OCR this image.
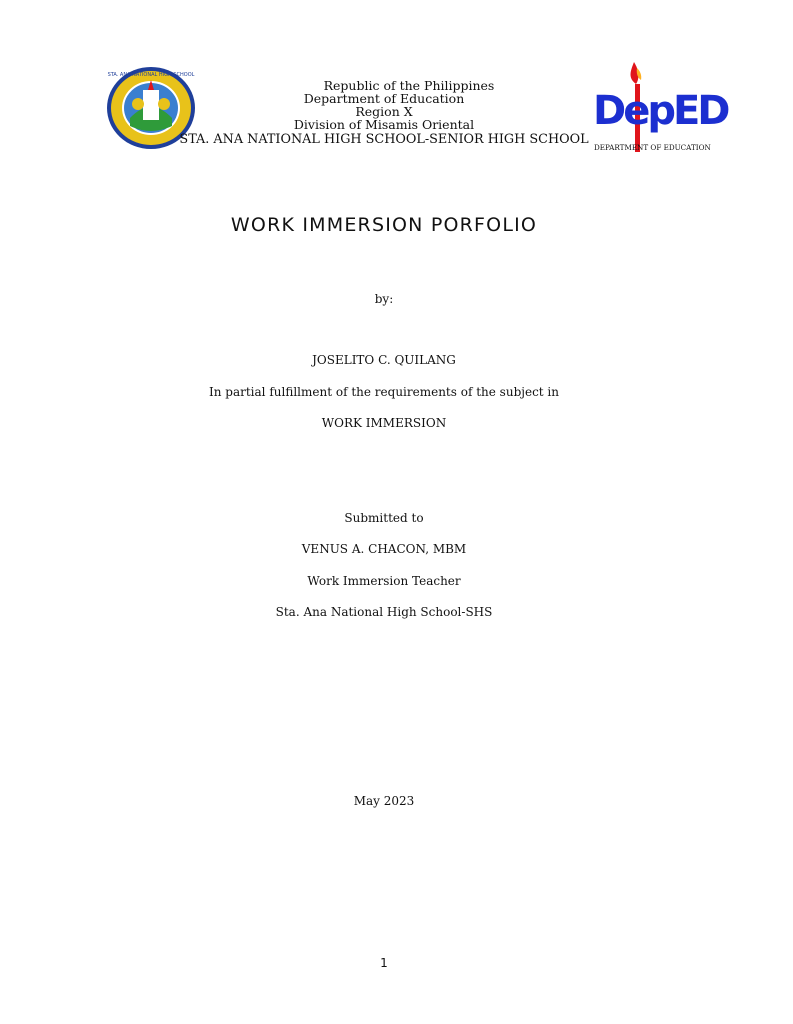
STA. ANA NATIONAL HIGH SCHOOL
DepED
DEPARTMENT OF EDUCATION
Republic of the Philippines
Department of Education
Region X
Division of Misamis Oriental
STA. ANA NATIONAL HIGH SCHOOL-SENIOR HIGH SCHOOL
WORK IMMERSION PORFOLIO
by:
JOSELITO C. QUILANG
In partial fulfillment of the requirements of the subject in
WORK IMMERSION
Submitted to
VENUS A. CHACON, MBM
Work Immersion Teacher
Sta. Ana National High School-SHS
May 2023
1
